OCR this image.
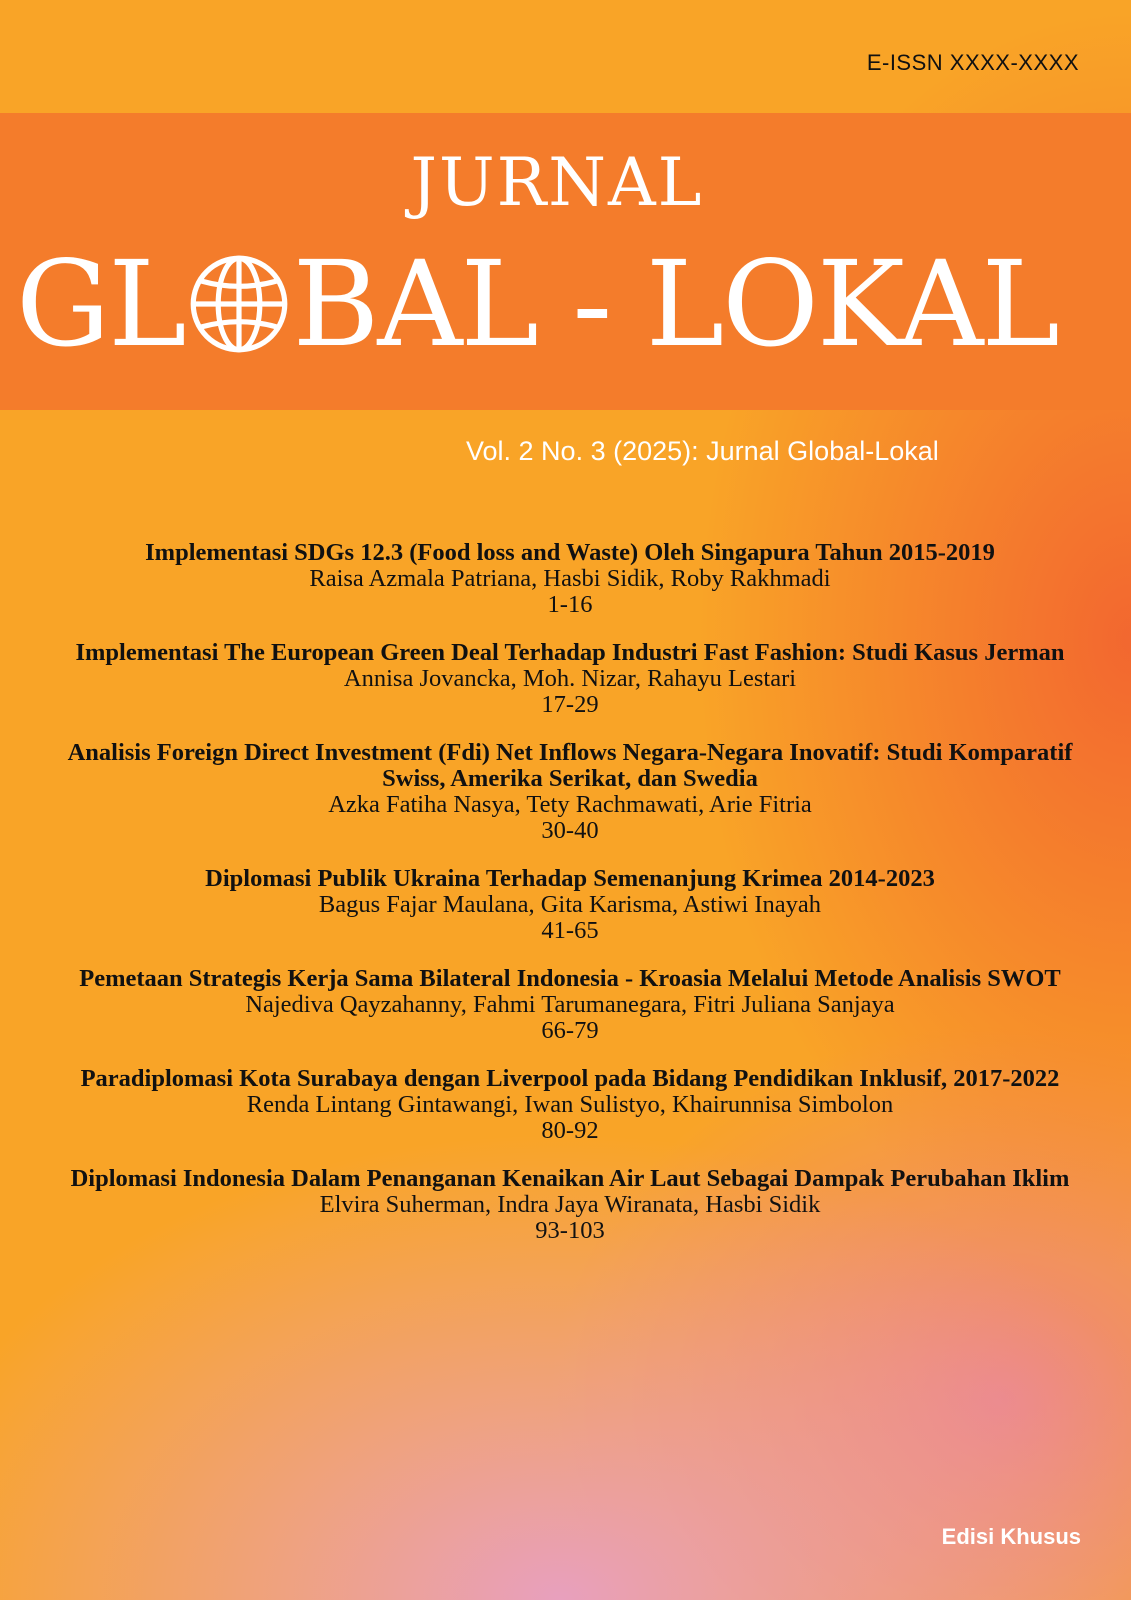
E-ISSN XXXX-XXXX
JURNAL
GL BAL - LOKAL
Vol. 2 No. 3 (2025): Jurnal Global-Lokal
Implementasi SDGs 12.3 (Food loss and Waste) Oleh Singapura Tahun 2015-2019
Raisa Azmala Patriana, Hasbi Sidik, Roby Rakhmadi
1-16
Implementasi The European Green Deal Terhadap Industri Fast Fashion: Studi Kasus Jerman
Annisa Jovancka, Moh. Nizar, Rahayu Lestari
17-29
Analisis Foreign Direct Investment (Fdi) Net Inflows Negara-Negara Inovatif: Studi Komparatif Swiss, Amerika Serikat, dan Swedia
Azka Fatiha Nasya, Tety Rachmawati, Arie Fitria
30-40
Diplomasi Publik Ukraina Terhadap Semenanjung Krimea 2014-2023
Bagus Fajar Maulana, Gita Karisma, Astiwi Inayah
41-65
Pemetaan Strategis Kerja Sama Bilateral Indonesia - Kroasia Melalui Metode Analisis SWOT
Najediva Qayzahanny, Fahmi Tarumanegara, Fitri Juliana Sanjaya
66-79
Paradiplomasi Kota Surabaya dengan Liverpool pada Bidang Pendidikan Inklusif, 2017-2022
Renda Lintang Gintawangi, Iwan Sulistyo, Khairunnisa Simbolon
80-92
Diplomasi Indonesia Dalam Penanganan Kenaikan Air Laut Sebagai Dampak Perubahan Iklim
Elvira Suherman, Indra Jaya Wiranata, Hasbi Sidik
93-103
Edisi Khusus
